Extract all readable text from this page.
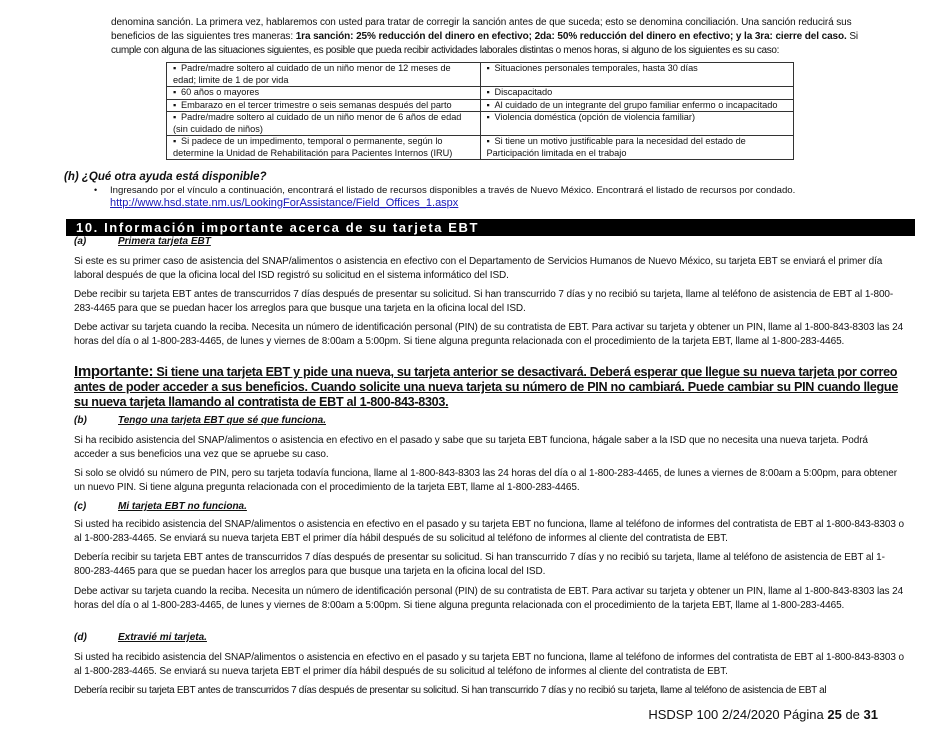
denomina sanción. La primera vez, hablaremos con usted para tratar de corregir la sanción antes de que suceda; esto se denomina conciliación. Una sanción reducirá sus
beneficios de las siguientes tres maneras: 1ra sanción: 25% reducción del dinero en efectivo; 2da: 50% reducción del dinero en efectivo; y la 3ra: cierre del caso. Si
cumple con alguna de las situaciones siguientes, es posible que pueda recibir actividades laborales distintas o menos horas, si alguno de los siguientes es su caso:
▪ Padre/madre soltero al cuidado de un niño menor de 12 meses de edad; limite de 1 de por vida	▪ Situaciones personales temporales, hasta 30 días
▪ 60 años o mayores	▪ Discapacitado
▪ Embarazo en el tercer trimestre o seis semanas después del parto	▪ Al cuidado de un integrante del grupo familiar enfermo o incapacitado
▪ Padre/madre soltero al cuidado de un niño menor de 6 años de edad (sin cuidado de niños)	▪ Violencia doméstica (opción de violencia familiar)
▪ Si padece de un impedimento, temporal o permanente, según lo determine la Unidad de Rehabilitación para Pacientes Internos (IRU)	▪ Si tiene un motivo justificable para la necesidad del estado de Participación limitada en el trabajo
(h) ¿Qué otra ayuda está disponible?
•	Ingresando por el vínculo a continuación, encontrará el listado de recursos disponibles a través de Nuevo México. Encontrará el listado de recursos por condado.
http://www.hsd.state.nm.us/LookingForAssistance/Field_Offices_1.aspx
10. Información importante acerca de su tarjeta EBT
(a)	Primera tarjeta EBT
Si este es su primer caso de asistencia del SNAP/alimentos o asistencia en efectivo con el Departamento de Servicios Humanos de Nuevo México, su tarjeta EBT se enviará el primer día laboral después de que la oficina local del ISD registró su solicitud en el sistema informático del ISD.
Debe recibir su tarjeta EBT antes de transcurridos 7 días después de presentar su solicitud. Si han transcurrido 7 días y no recibió su tarjeta, llame al teléfono de asistencia de EBT al 1-800-283-4465 para que se puedan hacer los arreglos para que busque una tarjeta en la oficina local del ISD.
Debe activar su tarjeta cuando la reciba. Necesita un número de identificación personal (PIN) de su contratista de EBT. Para activar su tarjeta y obtener un PIN, llame al 1-800-843-8303 las 24 horas del día o al 1-800-283-4465, de lunes y viernes de 8:00am a 5:00pm. Si tiene alguna pregunta relacionada con el procedimiento de la tarjeta EBT, llame al 1-800-283-4465.
Importante: Si tiene una tarjeta EBT y pide una nueva, su tarjeta anterior se desactivará. Deberá esperar que llegue su nueva tarjeta por correo antes de poder acceder a sus beneficios. Cuando solicite una nueva tarjeta su número de PIN no cambiará. Puede cambiar su PIN cuando llegue su nueva tarjeta llamando al contratista de EBT al 1-800-843-8303.
(b)	Tengo una tarjeta EBT que sé que funciona.
Si ha recibido asistencia del SNAP/alimentos o asistencia en efectivo en el pasado y sabe que su tarjeta EBT funciona, hágale saber a la ISD que no necesita una nueva tarjeta. Podrá acceder a sus beneficios una vez que se apruebe su caso.
Si solo se olvidó su número de PIN, pero su tarjeta todavía funciona, llame al 1-800-843-8303 las 24 horas del día o al 1-800-283-4465, de lunes a viernes de 8:00am a 5:00pm, para obtener un nuevo PIN. Si tiene alguna pregunta relacionada con el procedimiento de la tarjeta EBT, llame al 1-800-283-4465.
(c)	Mi tarjeta EBT no funciona.
Si usted ha recibido asistencia del SNAP/alimentos o asistencia en efectivo en el pasado y su tarjeta EBT no funciona, llame al teléfono de informes del contratista de EBT al 1-800-843-8303 o al 1-800-283-4465. Se enviará su nueva tarjeta EBT el primer día hábil después de su solicitud al teléfono de informes al cliente del contratista de EBT.
Debería recibir su tarjeta EBT antes de transcurridos 7 días después de presentar su solicitud. Si han transcurrido 7 días y no recibió su tarjeta, llame al teléfono de asistencia de EBT al 1-800-283-4465 para que se puedan hacer los arreglos para que busque una tarjeta en la oficina local del ISD.
Debe activar su tarjeta cuando la reciba. Necesita un número de identificación personal (PIN) de su contratista de EBT. Para activar su tarjeta y obtener un PIN, llame al 1-800-843-8303 las 24 horas del día o al 1-800-283-4465, de lunes y viernes de 8:00am a 5:00pm. Si tiene alguna pregunta relacionada con el procedimiento de la tarjeta EBT, llame al 1-800-283-4465.
(d)	Extravié mi tarjeta.
Si usted ha recibido asistencia del SNAP/alimentos o asistencia en efectivo en el pasado y su tarjeta EBT no funciona, llame al teléfono de informes del contratista de EBT al 1-800-843-8303 o al 1-800-283-4465. Se enviará su nueva tarjeta EBT el primer día hábil después de su solicitud al teléfono de informes al cliente del contratista de EBT.
Debería recibir su tarjeta EBT antes de transcurridos 7 días después de presentar su solicitud. Si han transcurrido 7 días y no recibió su tarjeta, llame al teléfono de asistencia de EBT al
HSDSP 100 2/24/2020 Página 25 de 31
